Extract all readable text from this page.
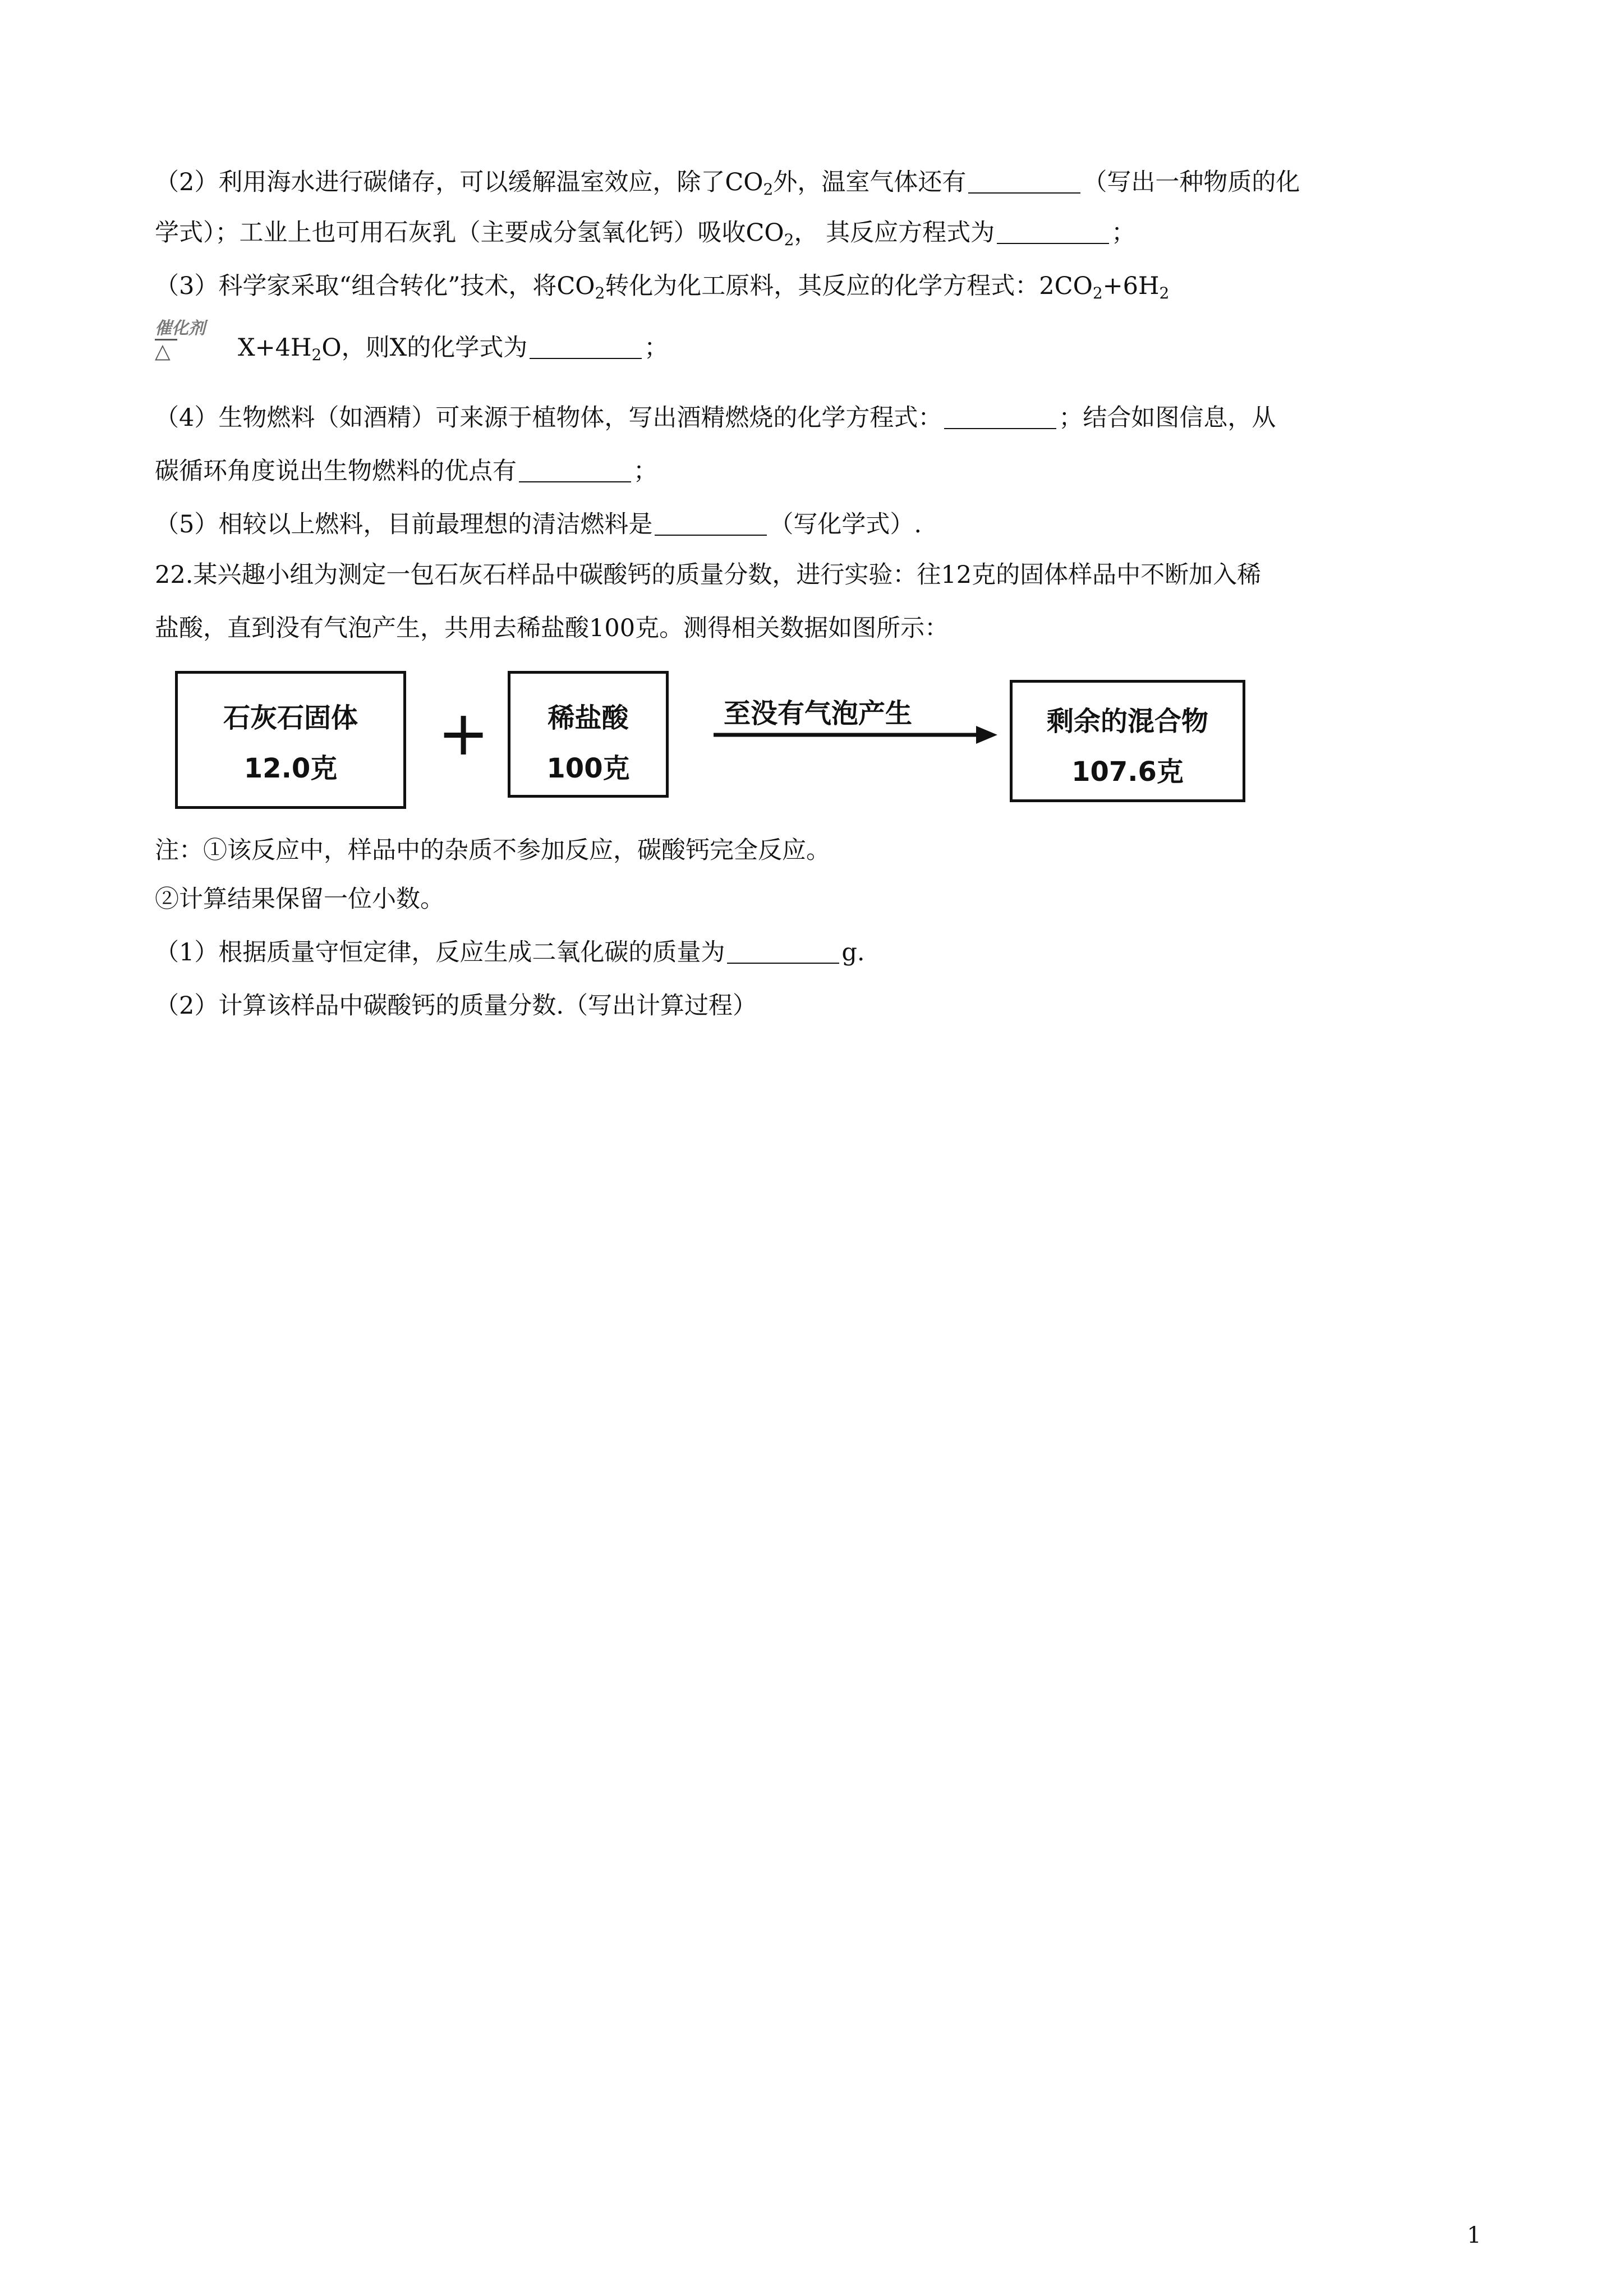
（2）利用海水进行碳储存，可以缓解温室效应，除了$CO_2$外，温室气体还有	（写出一种物质的化
学式）；工业上也可用石灰乳（主要成分氢氧化钙）吸收$CO_2$， 其反应方程式为	；
（3）科学家采取“组合转化”技术，将$CO_2$转化为化工原料，其反应的化学方程式：$2CO_2+6H_2$
催化剂
△	$X+4H_2O$，则X的化学式为	；
（4）生物燃料（如酒精）可来源于植物体，写出酒精燃烧的化学方程式：	；结合如图信息，从
碳循环角度说出生物燃料的优点有	；
（5）相较以上燃料，目前最理想的清洁燃料是	（写化学式）.
22.某兴趣小组为测定一包石灰石样品中碳酸钙的质量分数，进行实验：往12克的固体样品中不断加入稀
盐酸，直到没有气泡产生，共用去稀盐酸100克。测得相关数据如图所示：
石灰石固体
12.0克	+	稀盐酸
100克
至没有气泡产生	剩余的混合物
107.6克
注：①该反应中，样品中的杂质不参加反应，碳酸钙完全反应。
②计算结果保留一位小数。
（1）根据质量守恒定律，反应生成二氧化碳的质量为	g.
（2）计算该样品中碳酸钙的质量分数.（写出计算过程）
1
